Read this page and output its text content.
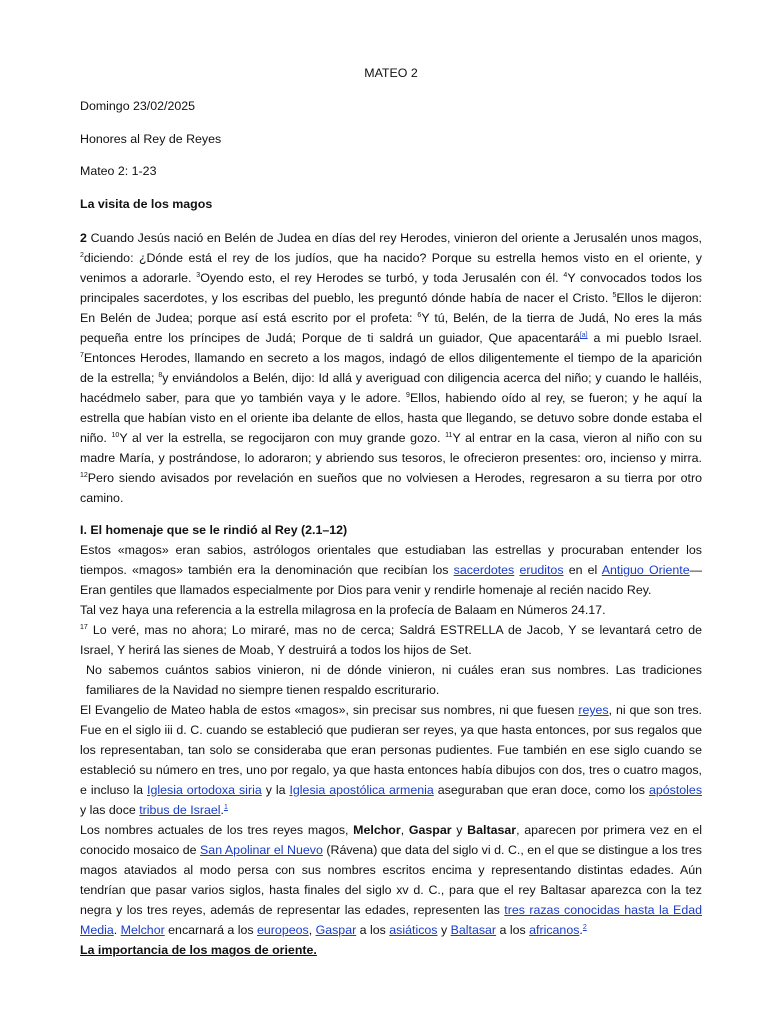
MATEO 2
Domingo 23/02/2025
Honores al Rey de Reyes
Mateo 2: 1-23
La visita de los magos

2 Cuando Jesús nació en Belén de Judea en días del rey Herodes, vinieron del oriente a Jerusalén unos magos, $^2$diciendo: ¿Dónde está el rey de los judíos, que ha nacido? Porque su estrella hemos visto en el oriente, y venimos a adorarle. $^3$Oyendo esto, el rey Herodes se turbó, y toda Jerusalén con él. $^4$Y convocados todos los principales sacerdotes, y los escribas del pueblo, les preguntó dónde había de nacer el Cristo. $^5$Ellos le dijeron: En Belén de Judea; porque así está escrito por el profeta: $^6$Y tú, Belén, de la tierra de Judá, No eres la más pequeña entre los príncipes de Judá; Porque de ti saldrá un guiador, Que apacentará[a] a mi pueblo Israel. $^7$Entonces Herodes, llamando en secreto a los magos, indagó de ellos diligentemente el tiempo de la aparición de la estrella; $^8$y enviándolos a Belén, dijo: Id allá y averiguad con diligencia acerca del niño; y cuando le halléis, hacédmelo saber, para que yo también vaya y le adore. $^9$Ellos, habiendo oído al rey, se fueron; y he aquí la estrella que habían visto en el oriente iba delante de ellos, hasta que llegando, se detuvo sobre donde estaba el niño. $^{10}$Y al ver la estrella, se regocijaron con muy grande gozo. $^{11}$Y al entrar en la casa, vieron al niño con su madre María, y postrándose, lo adoraron; y abriendo sus tesoros, le ofrecieron presentes: oro, incienso y mirra. $^{12}$Pero siendo avisados por revelación en sueños que no volviesen a Herodes, regresaron a su tierra por otro camino.

I. El homenaje que se le rindió al Rey (2.1–12)

Estos «magos» eran sabios, astrólogos orientales que estudiaban las estrellas y procuraban entender los tiempos. «magos» también era la denominación que recibían los sacerdotes eruditos en el Antiguo Oriente— Eran gentiles que llamados especialmente por Dios para venir y rendirle homenaje al recién nacido Rey.

Tal vez haya una referencia a la estrella milagrosa en la profecía de Balaam en Números 24.17.

$^{17}$ Lo veré, mas no ahora; Lo miraré, mas no de cerca; Saldrá ESTRELLA de Jacob, Y se levantará cetro de Israel, Y herirá las sienes de Moab, Y destruirá a todos los hijos de Set.

No sabemos cuántos sabios vinieron, ni de dónde vinieron, ni cuáles eran sus nombres. Las tradiciones familiares de la Navidad no siempre tienen respaldo escriturario.

El Evangelio de Mateo habla de estos «magos», sin precisar sus nombres, ni que fuesen reyes, ni que son tres. Fue en el siglo iii d. C. cuando se estableció que pudieran ser reyes, ya que hasta entonces, por sus regalos que los representaban, tan solo se consideraba que eran personas pudientes. Fue también en ese siglo cuando se estableció su número en tres, uno por regalo, ya que hasta entonces había dibujos con dos, tres o cuatro magos, e incluso la Iglesia ortodoxa siria y la Iglesia apostólica armenia aseguraban que eran doce, como los apóstoles y las doce tribus de Israel.$^1$

Los nombres actuales de los tres reyes magos, Melchor, Gaspar y Baltasar, aparecen por primera vez en el conocido mosaico de San Apolinar el Nuevo (Rávena) que data del siglo vi d. C., en el que se distingue a los tres magos ataviados al modo persa con sus nombres escritos encima y representando distintas edades. Aún tendrían que pasar varios siglos, hasta finales del siglo xv d. C., para que el rey Baltasar aparezca con la tez negra y los tres reyes, además de representar las edades, representen las tres razas conocidas hasta la Edad Media. Melchor encarnará a los europeos, Gaspar a los asiáticos y Baltasar a los africanos.$^2$

La importancia de los magos de oriente.
